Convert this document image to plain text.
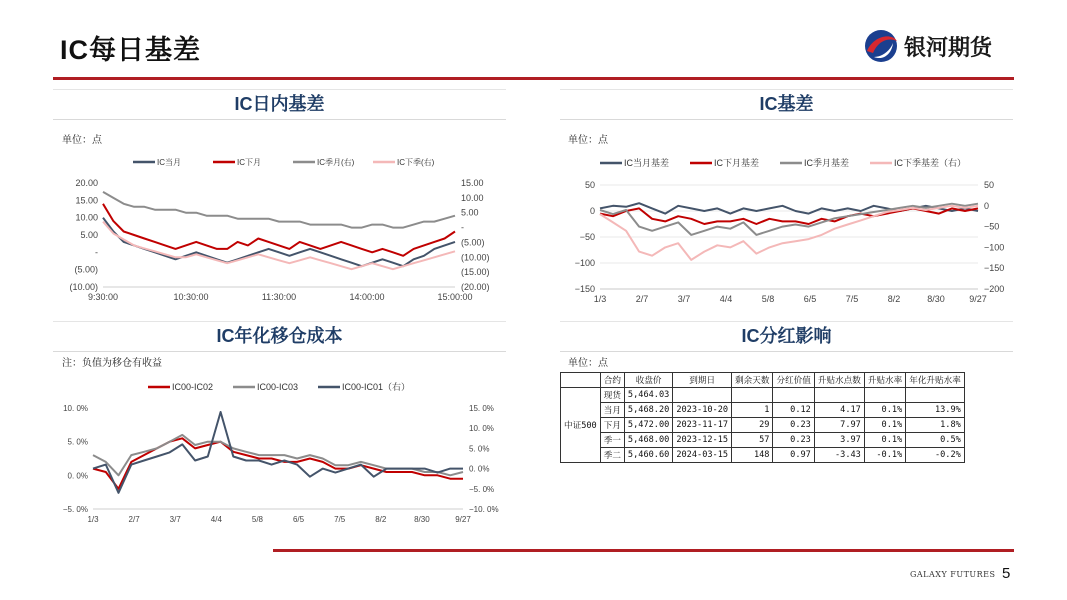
IC每日基差	银河期货
IC日内基差	IC基差
IC年化移仓成本	IC分红影响
单位：点	单位：点
注：负值为移仓有收益	单位：点
IC当月	IC下月	IC季月(右)	IC下季(右)
20.00
15.00
10.00
5.00
-
(5.00)
(10.00)
15.00
10.00
5.00
-
(5.00)
(10.00)
(15.00)
(20.00)
9:30:00	10:30:00	11:30:00	14:00:00	15:00:00
IC当月基差	IC下月基差	IC季月基差	IC下季基差（右）
50
0
−50
−100
−150
50
0
−50
−100
−150
−200
1/3	2/7	3/7	4/4	5/8	6/5	7/5	8/2	8/30	9/27
IC00-IC02	IC00-IC03	IC00-IC01（右）
10. 0%
5. 0%
0. 0%
−5. 0%
15. 0%
10. 0%
5. 0%
0. 0%
−5. 0%
−10. 0%
1/3	2/7	3/7	4/4	5/8	6/5	7/5	8/2	8/30	9/27
	合约	收盘价	到期日	剩余天数	分红价值	升贴水点数	升贴水率	年化升贴水率
中证500	现货	5,464.03						
	当月	5,468.20	2023-10-20	1	0.12	4.17	0.1%	13.9%
	下月	5,472.00	2023-11-17	29	0.23	7.97	0.1%	1.8%
	季一	5,468.00	2023-12-15	57	0.23	3.97	0.1%	0.5%
	季二	5,460.60	2024-03-15	148	0.97	-3.43	-0.1%	-0.2%
GALAXY FUTURES 5
